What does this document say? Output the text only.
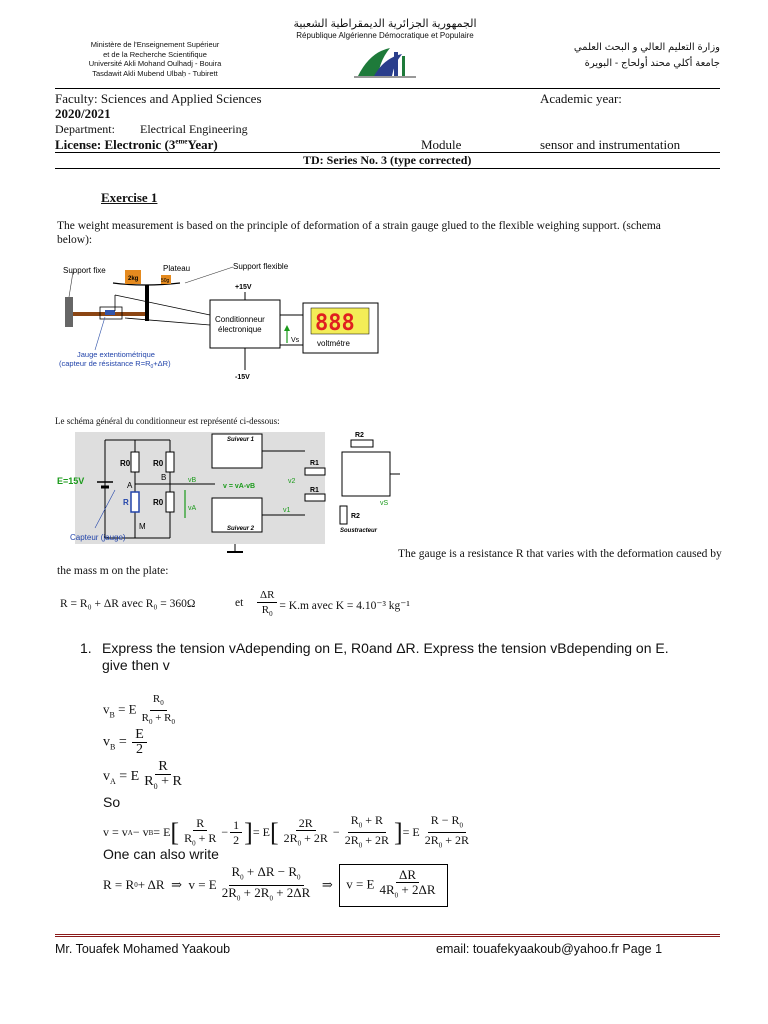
Ministère de l'Enseignement Supérieur
et de la Recherche Scientifique
Université Akli Mohand Oulhadj - Bouira
Tasdawit Akli Mubend Ulbaḥ - Tubirett
الجمهورية الجزائرية الديمقراطية الشعبية
République Algérienne Démocratique et Populaire
وزارة التعليم العالي و البحث العلمي
جامعة أكلي محند أولحاج - البويرة
Faculty: Sciences and Applied Sciences	Academic year:
2020/2021
Department: Electrical Engineering
License: Electronic (3emeYear)	Module	sensor and instrumentation
TD: Series No. 3 (type corrected)
Exercise 1
The weight measurement is based on the principle of deformation of a strain gauge glued to the flexible weighing support. (schema below):
Support fixe
2kg	50g
Plateau	Support flexible
Conditionneur
électronique
+15V
-15V
Vs
888
voltmétre
Jauge extentiométrique
(capteur de résistance $R=R_0+\Delta R$)
Le schéma général du conditionneur est représenté ci-dessous:
E=15V
R0
R
R0
R0
A
B
M
vB
vA
Suiveur 1
Suiveur 2
v = vA-vB
v2
v1
R1
R1
R2
R2
Soustracteur
vS
Capteur (jauge)
The gauge is a resistance R that varies with the deformation caused by
the mass m on the plate:
R = R₀ + ΔR avec R₀ = 360Ω	et $\frac{\Delta R}{R_0} = K.m$ avec K = 4.10⁻³ kg⁻¹
1. Express the tension vAdepending on E, R0and ΔR. Express the tension vBdepending on E.
give then v
$v_B = E \frac{R_0}{R_0 + R_0}$
$v_B = \frac{E}{2}$
$v_A = E \frac{R}{R_0 + R}$
So
v = v A − v B = E [ $\frac{R}{R_0 + R} - \frac{1}{2}$ ] = E [ $\frac{2R}{2R_0 + 2R} - \frac{R_0 + R}{2R_0 + 2R}$ ] = E $\frac{R - R_0}{2R_0 + 2R}$
One can also write
R = R 0 + ΔR  ⇒  v = E $\frac{R_0 + \Delta R - R_0}{2R_0 + 2R_0 + 2\Delta R}$ ⇒ v = E $\frac{\Delta R}{4R_0 + 2\Delta R}$
Mr. Touafek Mohamed Yaakoub	email: touafekyaakoub@yahoo.fr Page 1
